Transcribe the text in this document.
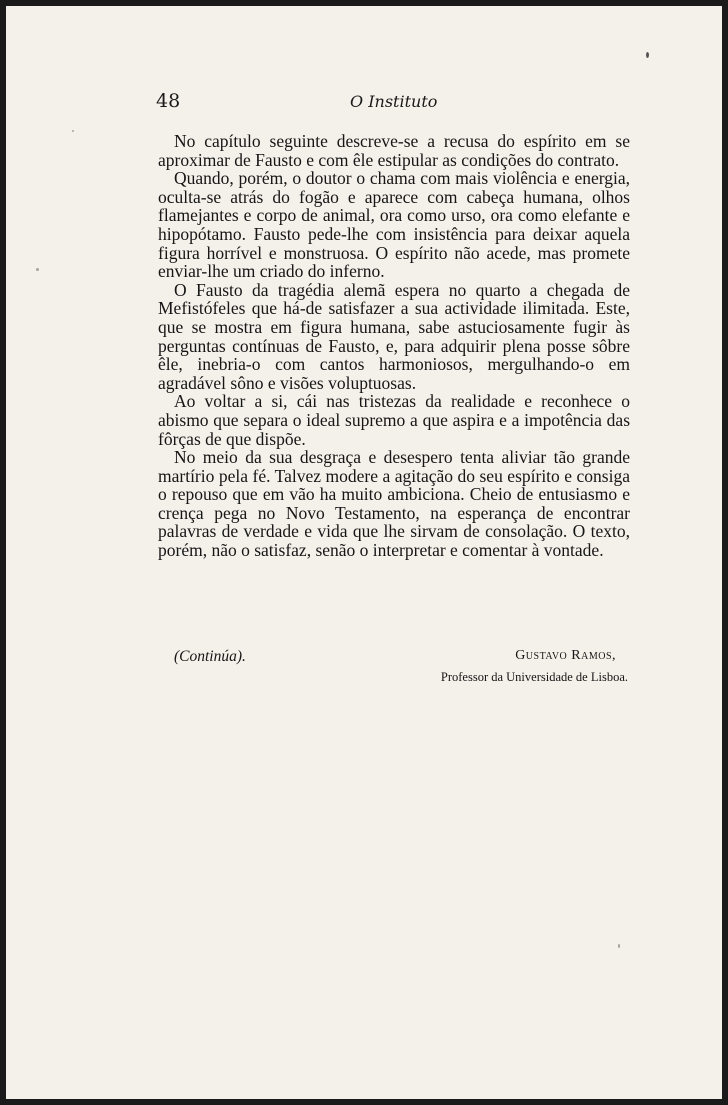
48	O Instituto

No capítulo seguinte descreve-se a recusa do espírito em se aproximar de Fausto e com êle estipular as condições do contrato.

Quando, porém, o doutor o chama com mais violência e energia, oculta-se atrás do fogão e aparece com cabeça humana, olhos flamejantes e corpo de animal, ora como urso, ora como elefante e hipopótamo. Fausto pede-lhe com insistência para deixar aquela figura horrível e monstruosa. O espírito não acede, mas promete enviar-lhe um criado do inferno.

O Fausto da tragédia alemã espera no quarto a chegada de Mefistófeles que há-de satisfazer a sua actividade ilimitada. Este, que se mostra em figura humana, sabe astuciosamente fugir às perguntas contínuas de Fausto, e, para adquirir plena posse sôbre êle, inebria-o com cantos harmoniosos, mergulhando-o em agradável sôno e visões voluptuosas.

Ao voltar a si, cái nas tristezas da realidade e reconhece o abismo que separa o ideal supremo a que aspira e a impotência das fôrças de que dispõe.

No meio da sua desgraça e desespero tenta aliviar tão grande martírio pela fé. Talvez modere a agitação do seu espírito e consiga o repouso que em vão ha muito ambiciona. Cheio de entusiasmo e crença pega no Novo Testamento, na esperança de encontrar palavras de verdade e vida que lhe sirvam de consolação. O texto, porém, não o satisfaz, senão o interpretar e comentar à vontade.

(Continúa).	Gustavo Ramos,
Professor da Universidade de Lisboa.
